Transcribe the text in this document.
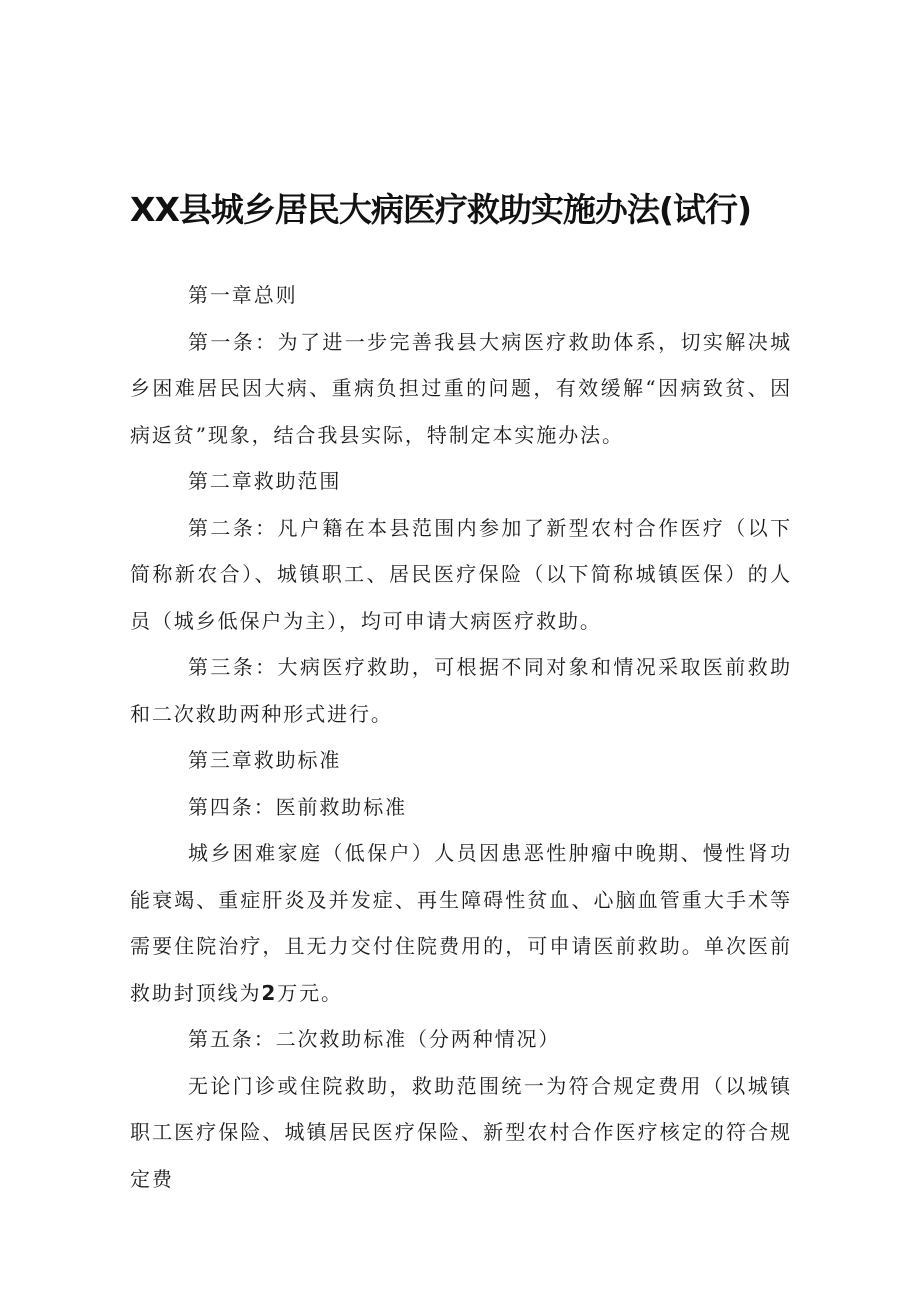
XX县城乡居民大病医疗救助实施办法(试行)

第一章总则

第一条：为了进一步完善我县大病医疗救助体系，切实解决城乡困难居民因大病、重病负担过重的问题，有效缓解“因病致贫、因病返贫”现象，结合我县实际，特制定本实施办法。

第二章救助范围

第二条：凡户籍在本县范围内参加了新型农村合作医疗（以下简称新农合）、城镇职工、居民医疗保险（以下简称城镇医保）的人员（城乡低保户为主），均可申请大病医疗救助。

第三条：大病医疗救助，可根据不同对象和情况采取医前救助和二次救助两种形式进行。

第三章救助标准

第四条：医前救助标准

城乡困难家庭（低保户）人员因患恶性肿瘤中晚期、慢性肾功能衰竭、重症肝炎及并发症、再生障碍性贫血、心脑血管重大手术等需要住院治疗，且无力交付住院费用的，可申请医前救助。单次医前救助封顶线为2万元。

第五条：二次救助标准（分两种情况）

无论门诊或住院救助，救助范围统一为符合规定费用（以城镇职工医疗保险、城镇居民医疗保险、新型农村合作医疗核定的符合规定费
